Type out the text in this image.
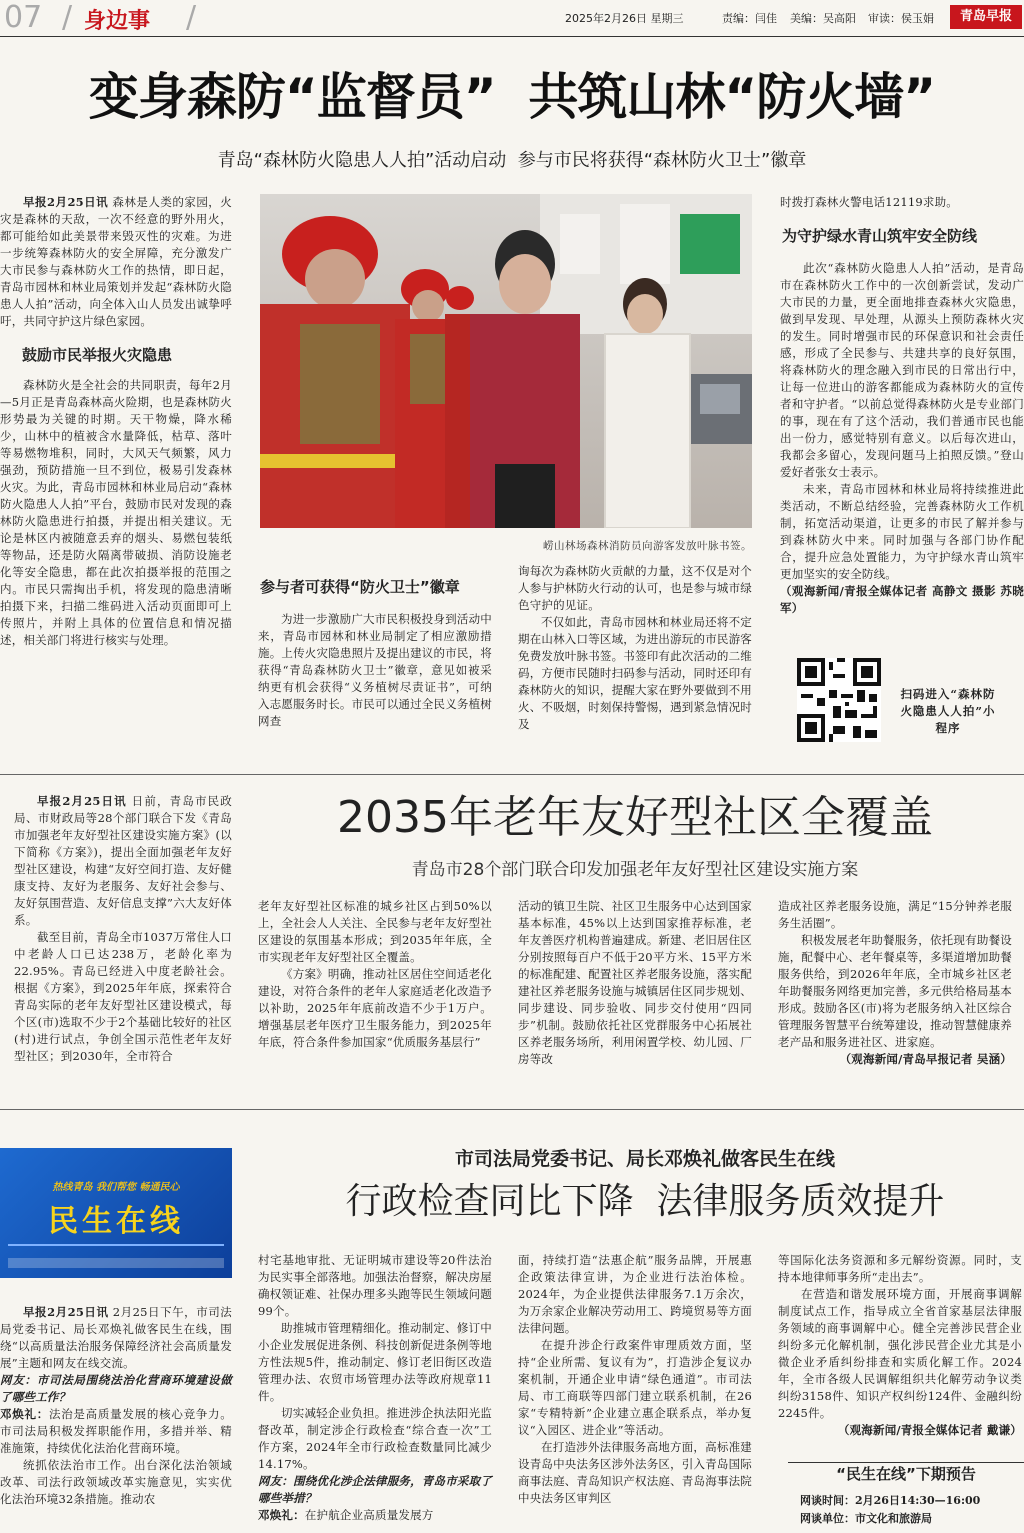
07 / 身边事 /	2025年2月26日 星期三	责编：闫佳 美编：吴高阳 审读：侯玉娟	青岛早报
变身森防“监督员”  共筑山林“防火墙”
青岛“森林防火隐患人人拍”活动启动  参与市民将获得“森林防火卫士”徽章

早报2月25日讯 森林是人类的家园，火灾是森林的天敌，一次不经意的野外用火，都可能给如此美景带来毁灭性的灾难。为进一步统筹森林防火的安全屏障，充分激发广大市民参与森林防火工作的热情，即日起，青岛市园林和林业局策划并发起“森林防火隐患人人拍”活动，向全体入山人员发出诚挚呼吁，共同守护这片绿色家园。

鼓励市民举报火灾隐患

森林防火是全社会的共同职责，每年2月—5月正是青岛森林高火险期，也是森林防火形势最为关键的时期。天干物燥，降水稀少，山林中的植被含水量降低，枯草、落叶等易燃物堆积，同时，大风天气频繁，风力强劲，预防措施一旦不到位，极易引发森林火灾。为此，青岛市园林和林业局启动“森林防火隐患人人拍”平台，鼓励市民对发现的森林防火隐患进行拍摄，并提出相关建议。无论是林区内被随意丢弃的烟头、易燃包装纸等物品，还是防火隔离带破损、消防设施老化等安全隐患，都在此次拍摄举报的范围之内。市民只需掏出手机，将发现的隐患清晰拍摄下来，扫描二维码进入活动页面即可上传照片，并附上具体的位置信息和情况描述，相关部门将进行核实与处理。

崂山林场森林消防员向游客发放叶脉书签。
参与者可获得“防火卫士”徽章

为进一步激励广大市民积极投身到活动中来，青岛市园林和林业局制定了相应激励措施。上传火灾隐患照片及提出建议的市民，将获得“青岛森林防火卫士”徽章，意见如被采纳更有机会获得“义务植树尽责证书”，可纳入志愿服务时长。市民可以通过全民义务植树网查

询每次为森林防火贡献的力量，这不仅是对个人参与护林防火行动的认可，也是参与城市绿色守护的见证。

不仅如此，青岛市园林和林业局还将不定期在山林入口等区域，为进出游玩的市民游客免费发放叶脉书签。书签印有此次活动的二维码，方便市民随时扫码参与活动，同时还印有森林防火的知识，提醒大家在野外要做到不用火、不吸烟，时刻保持警惕，遇到紧急情况时及

时拨打森林火警电话12119求助。

为守护绿水青山筑牢安全防线

此次“森林防火隐患人人拍”活动，是青岛市在森林防火工作中的一次创新尝试，发动广大市民的力量，更全面地排查森林火灾隐患，做到早发现、早处理，从源头上预防森林火灾的发生。同时增强市民的环保意识和社会责任感，形成了全民参与、共建共享的良好氛围，将森林防火的理念融入到市民的日常出行中，让每一位进山的游客都能成为森林防火的宣传者和守护者。“以前总觉得森林防火是专业部门的事，现在有了这个活动，我们普通市民也能出一份力，感觉特别有意义。以后每次进山，我都会多留心，发现问题马上拍照反馈。”登山爱好者张女士表示。

未来，青岛市园林和林业局将持续推进此类活动，不断总结经验，完善森林防火工作机制，拓宽活动渠道，让更多的市民了解并参与到森林防火中来。同时加强与各部门协作配合，提升应急处置能力，为守护绿水青山筑牢更加坚实的安全防线。

（观海新闻/青报全媒体记者 高静文 摄影 苏晓军）

扫码进入“森林防火隐患人人拍”小程序
2035年老年友好型社区全覆盖
青岛市28个部门联合印发加强老年友好型社区建设实施方案

早报2月25日讯 日前，青岛市民政局、市财政局等28个部门联合下发《青岛市加强老年友好型社区建设实施方案》(以下简称《方案》)，提出全面加强老年友好型社区建设，构建“友好空间打造、友好健康支持、友好为老服务、友好社会参与、友好氛围营造、友好信息支撑”六大友好体系。

截至目前，青岛全市1037万常住人口中老龄人口已达238万，老龄化率为22.95%。青岛已经进入中度老龄社会。根据《方案》，到2025年年底，探索符合青岛实际的老年友好型社区建设模式，每个区(市)选取不少于2个基础比较好的社区(村)进行试点，争创全国示范性老年友好型社区；到2030年，全市符合

老年友好型社区标准的城乡社区占到50%以上，全社会人人关注、全民参与老年友好型社区建设的氛围基本形成；到2035年年底，全市实现老年友好型社区全覆盖。

《方案》明确，推动社区居住空间适老化建设，对符合条件的老年人家庭适老化改造予以补助，2025年年底前改造不少于1万户。增强基层老年医疗卫生服务能力，到2025年年底，符合条件参加国家“优质服务基层行”

活动的镇卫生院、社区卫生服务中心达到国家基本标准，45%以上达到国家推荐标准，老年友善医疗机构普遍建成。新建、老旧居住区分别按照每百户不低于20平方米、15平方米的标准配建、配置社区养老服务设施，落实配建社区养老服务设施与城镇居住区同步规划、同步建设、同步验收、同步交付使用“四同步”机制。鼓励依托社区党群服务中心拓展社区养老服务场所，利用闲置学校、幼儿园、厂房等改

造成社区养老服务设施，满足“15分钟养老服务生活圈”。

积极发展老年助餐服务，依托现有助餐设施，配餐中心、老年餐桌等，多渠道增加助餐服务供给，到2026年年底，全市城乡社区老年助餐服务网络更加完善，多元供给格局基本形成。鼓励各区(市)将为老服务纳入社区综合管理服务智慧平台统筹建设，推动智慧健康养老产品和服务进社区、进家庭。

（观海新闻/青岛早报记者 吴涵）

热线青岛 我们帮您 畅通民心
民生在线
市司法局党委书记、局长邓焕礼做客民生在线
行政检查同比下降  法律服务质效提升

早报2月25日讯 2月25日下午，市司法局党委书记、局长邓焕礼做客民生在线，围绕“以高质量法治服务保障经济社会高质量发展”主题和网友在线交流。

网友：市司法局围绕法治化营商环境建设做了哪些工作？

邓焕礼：法治是高质量发展的核心竞争力。市司法局积极发挥职能作用，多措并举、精准施策，持续优化法治化营商环境。

统抓依法治市工作。出台深化法治领域改革、司法行政领域改革实施意见，实实优化法治环境32条措施。推动农

村宅基地审批、无证明城市建设等20件法治为民实事全部落地。加强法治督察，解决房屋确权领证难、社保办理多头跑等民生领域问题99个。

助推城市管理精细化。推动制定、修订中小企业发展促进条例、科技创新促进条例等地方性法规5件，推动制定、修订老旧街区改造管理办法、农贸市场管理办法等政府规章11件。

切实减轻企业负担。推进涉企执法阳光监督改革，制定涉企行政检查“综合查一次”工作方案，2024年全市行政检查数量同比减少14.17%。

网友：围绕优化涉企法律服务，青岛市采取了哪些举措？

邓焕礼：在护航企业高质量发展方

面，持续打造“法惠企航”服务品牌，开展惠企政策法律宣讲，为企业进行法治体检。2024年，为企业提供法律服务7.1万余次，为万余家企业解决劳动用工、跨境贸易等方面法律问题。

在提升涉企行政案件审理质效方面，坚持“企业所需、复议有为”，打造涉企复议办案机制，开通企业申请“绿色通道”。市司法局、市工商联等四部门建立联系机制，在26家“专精特新”企业建立惠企联系点，举办复议“入园区、进企业”等活动。

在打造涉外法律服务高地方面，高标准建设青岛中央法务区涉外法务区，引入青岛国际商事法庭、青岛知识产权法庭、青岛海事法院中央法务区审判区

等国际化法务资源和多元解纷资源。同时，支持本地律师事务所“走出去”。

在营造和谐发展环境方面，开展商事调解制度试点工作，指导成立全省首家基层法律服务领域的商事调解中心。健全完善涉民营企业纠纷多元化解机制，强化涉民营企业尤其是小微企业矛盾纠纷排查和实质化解工作。2024年，全市各级人民调解组织共化解劳动争议类纠纷3158件、知识产权纠纷124件、金融纠纷2245件。

（观海新闻/青报全媒体记者 戴谦）

“民生在线”下期预告
网谈时间：2月26日14:30—16:00
网谈单位：市文化和旅游局
